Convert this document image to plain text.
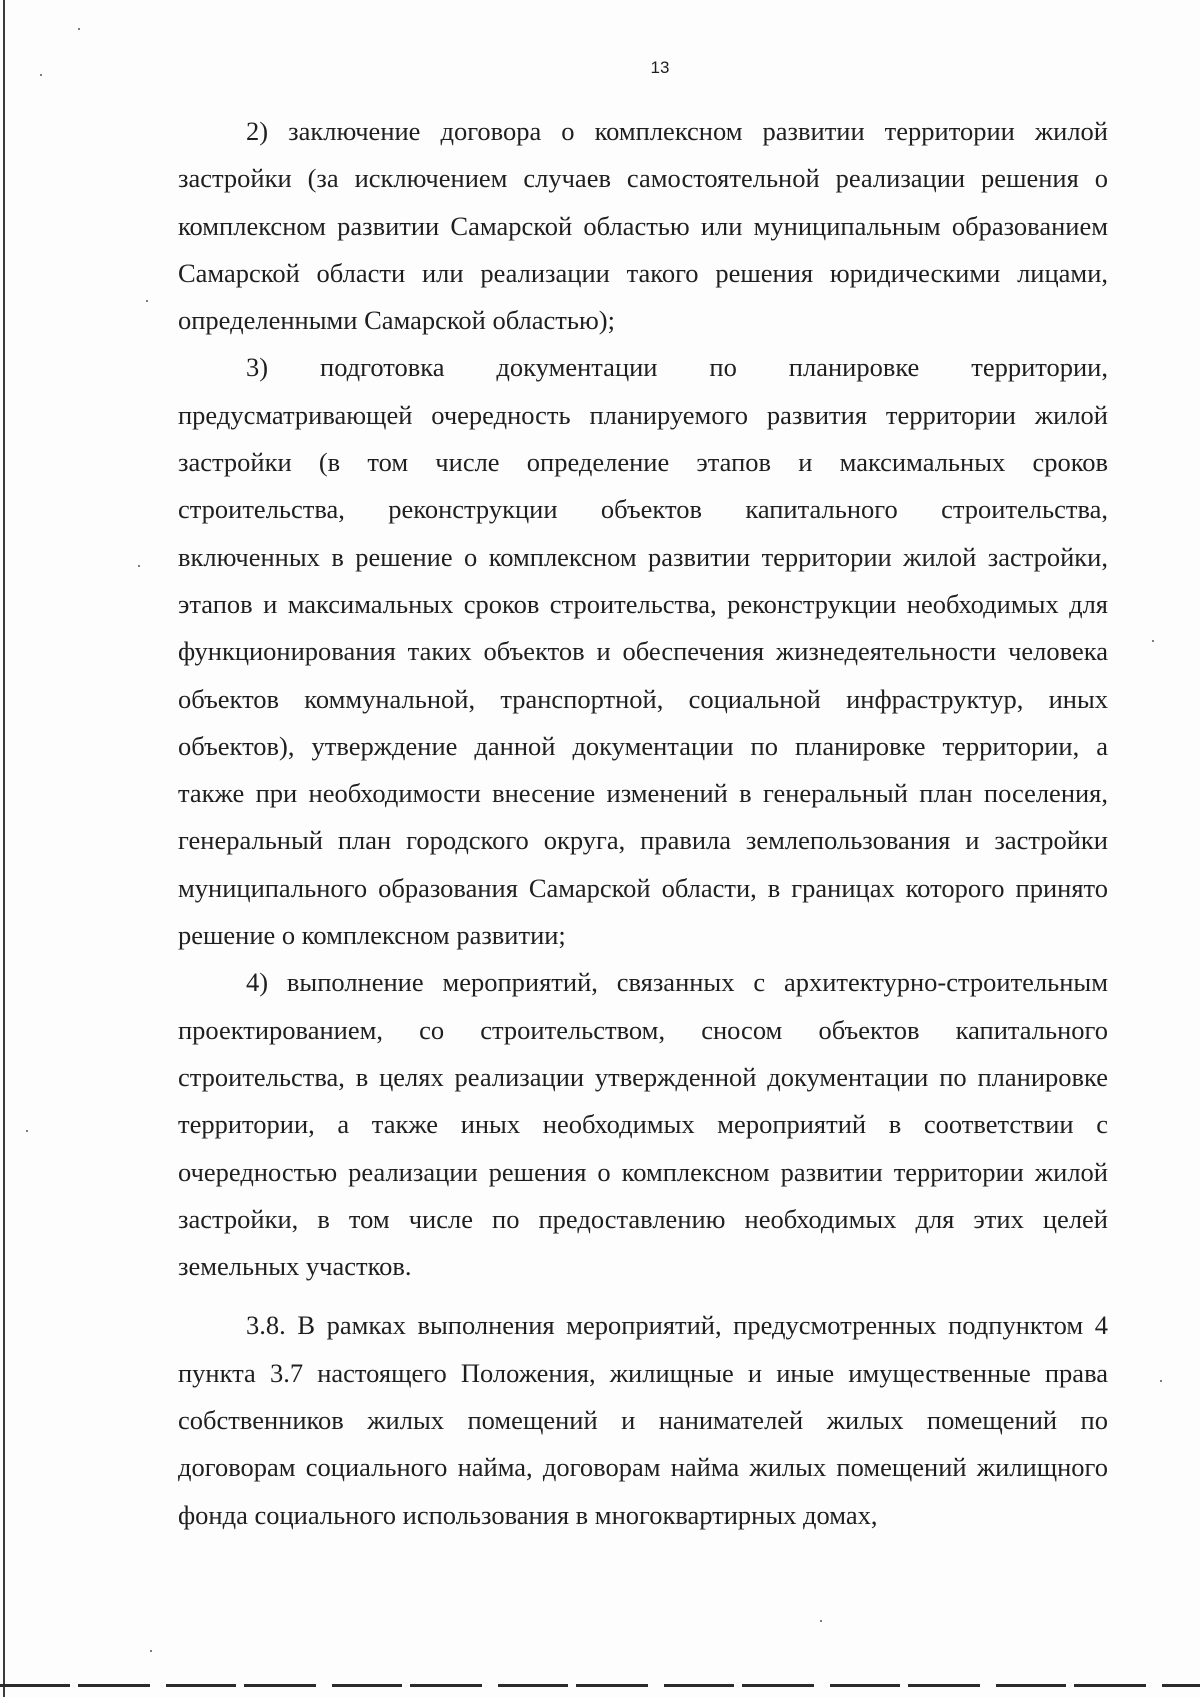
13

2) заключение договора о комплексном развитии территории жилой застройки (за исключением случаев самостоятельной реализации решения о комплексном развитии Самарской областью или муниципальным образованием Самарской области или реализации такого решения юридическими лицами, определенными Самарской областью);

3) подготовка документации по планировке территории, предусматривающей очередность планируемого развития территории жилой застройки (в том числе определение этапов и максимальных сроков строительства, реконструкции объектов капитального строительства, включенных в решение о комплексном развитии территории жилой застройки, этапов и максимальных сроков строительства, реконструкции необходимых для функционирования таких объектов и обеспечения жизнедеятельности человека объектов коммунальной, транспортной, социальной инфраструктур, иных объектов), утверждение данной документации по планировке территории, а также при необходимости внесение изменений в генеральный план поселения, генеральный план городского округа, правила землепользования и застройки муниципального образования Самарской области, в границах которого принято решение о комплексном развитии;

4) выполнение мероприятий, связанных с архитектурно-строительным проектированием, со строительством, сносом объектов капитального строительства, в целях реализации утвержденной документации по планировке территории, а также иных необходимых мероприятий в соответствии с очередностью реализации решения о комплексном развитии территории жилой застройки, в том числе по предоставлению необходимых для этих целей земельных участков.

3.8. В рамках выполнения мероприятий, предусмотренных подпунктом 4 пункта 3.7 настоящего Положения, жилищные и иные имущественные права собственников жилых помещений и нанимателей жилых помещений по договорам социального найма, договорам найма жилых помещений жилищного фонда социального использования в многоквартирных домах,
